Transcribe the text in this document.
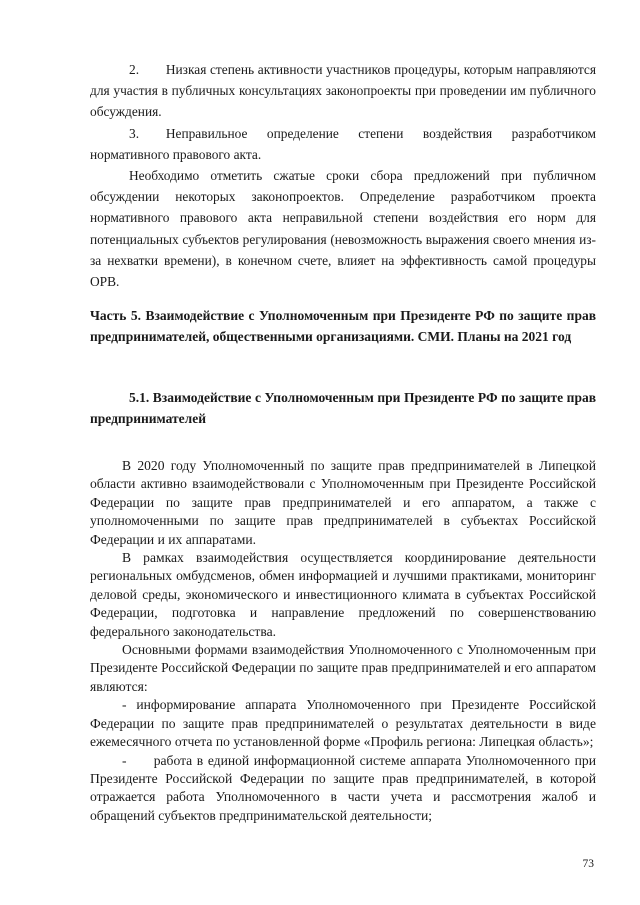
2.  Низкая степень активности участников процедуры, которым направляются для участия в публичных консультациях законопроекты при проведении им публичного обсуждения.

3.  Неправильное определение степени воздействия разработчиком нормативного правового акта.

Необходимо отметить сжатые сроки сбора предложений при публичном обсуждении некоторых законопроектов. Определение разработчиком проекта нормативного правового акта неправильной степени воздействия его норм для потенциальных субъектов регулирования (невозможность выражения своего мнения из-за нехватки времени), в конечном счете, влияет на эффективность самой процедуры ОРВ.

Часть 5. Взаимодействие с Уполномоченным при Президенте РФ по защите прав предпринимателей, общественными организациями. СМИ. Планы на 2021 год
5.1. Взаимодействие с Уполномоченным при Президенте РФ по защите прав предпринимателей

В 2020 году Уполномоченный по защите прав предпринимателей в Липецкой области активно взаимодействовали с Уполномоченным при Президенте Российской Федерации по защите прав предпринимателей и его аппаратом, а также с уполномоченными по защите прав предпринимателей в субъектах Российской Федерации и их аппаратами.

В рамках взаимодействия осуществляется координирование деятельности региональных омбудсменов, обмен информацией и лучшими практиками, мониторинг деловой среды, экономического и инвестиционного климата в субъектах Российской Федерации, подготовка и направление предложений по совершенствованию федерального законодательства.

Основными формами взаимодействия Уполномоченного с Уполномоченным при Президенте Российской Федерации по защите прав предпринимателей и его аппаратом являются:

- информирование аппарата Уполномоченного при Президенте Российской Федерации по защите прав предпринимателей о результатах деятельности в виде ежемесячного отчета по установленной форме «Профиль региона: Липецкая область»;

-  работа в единой информационной системе аппарата Уполномоченного при Президенте Российской Федерации по защите прав предпринимателей, в которой отражается работа Уполномоченного в части учета и рассмотрения жалоб и обращений субъектов предпринимательской деятельности;

73
